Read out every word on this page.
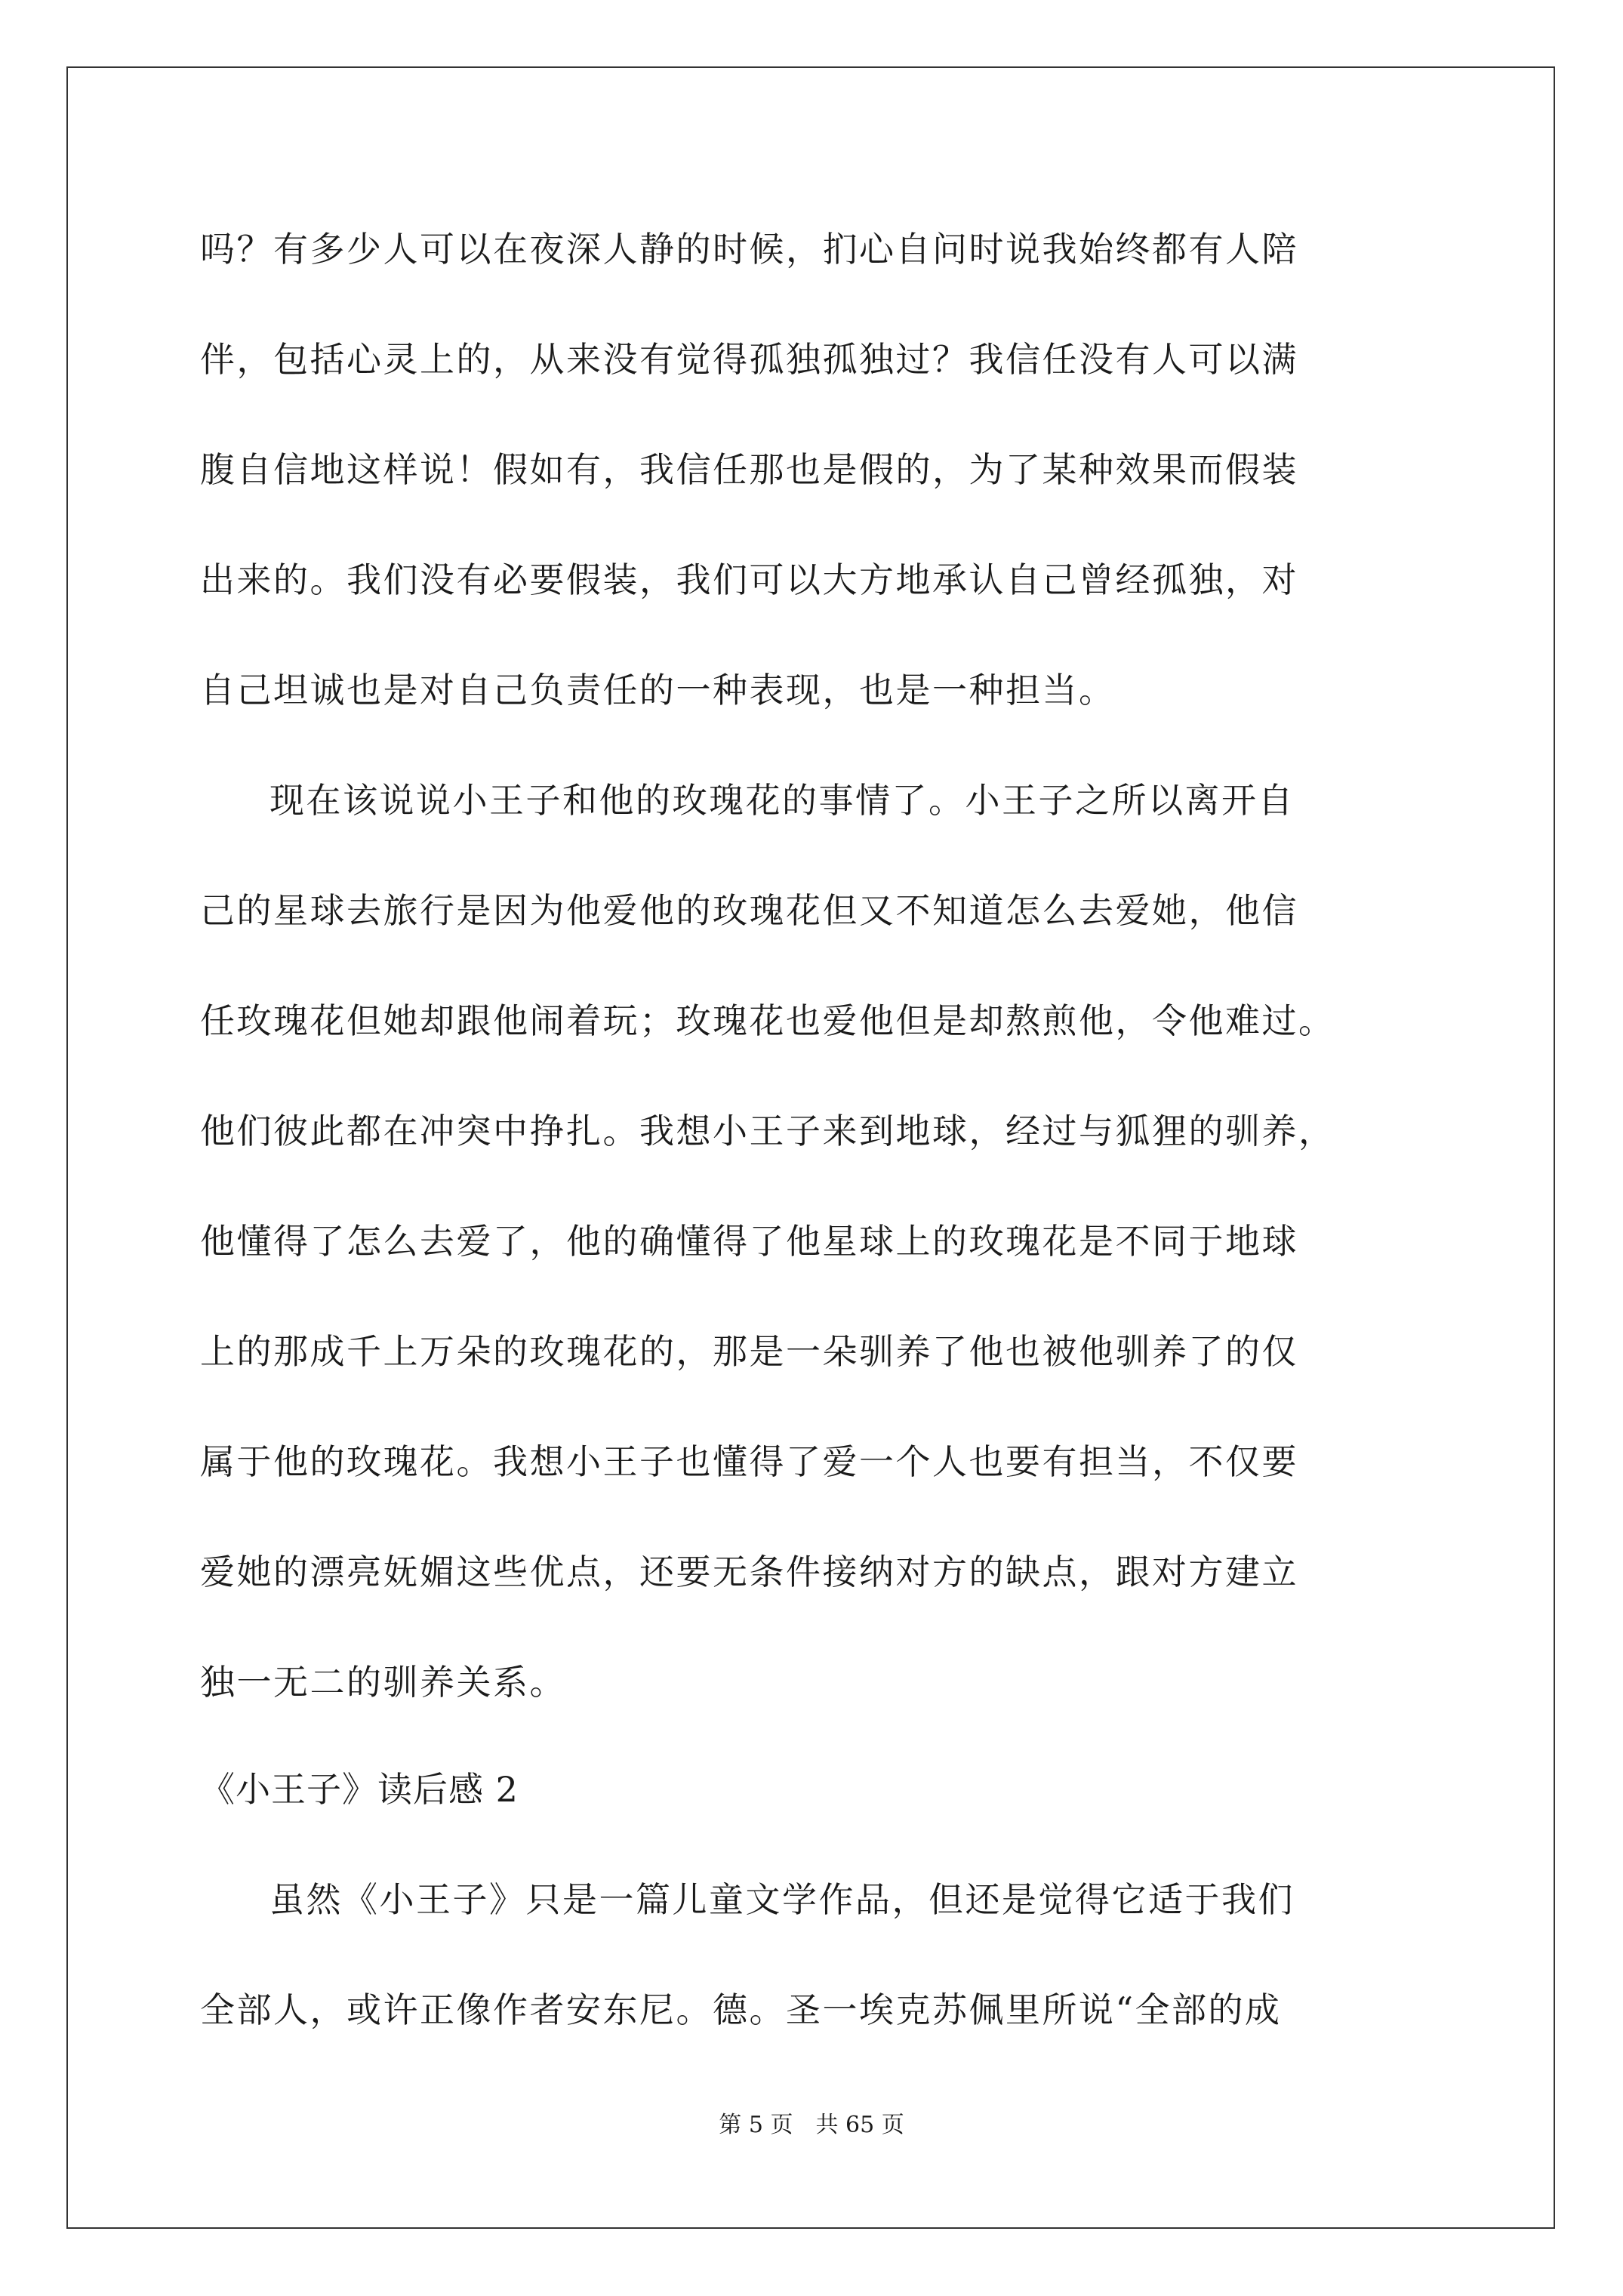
吗？有多少人可以在夜深人静的时候，扪心自问时说我始终都有人陪
伴，包括心灵上的，从来没有觉得孤独孤独过？我信任没有人可以满
腹自信地这样说！假如有，我信任那也是假的，为了某种效果而假装
出来的。我们没有必要假装，我们可以大方地承认自己曾经孤独，对
自己坦诚也是对自己负责任的一种表现，也是一种担当。
现在该说说小王子和他的玫瑰花的事情了。小王子之所以离开自
己的星球去旅行是因为他爱他的玫瑰花但又不知道怎么去爱她，他信
任玫瑰花但她却跟他闹着玩；玫瑰花也爱他但是却熬煎他，令他难过。
他们彼此都在冲突中挣扎。我想小王子来到地球，经过与狐狸的驯养，
他懂得了怎么去爱了，他的确懂得了他星球上的玫瑰花是不同于地球
上的那成千上万朵的玫瑰花的，那是一朵驯养了他也被他驯养了的仅
属于他的玫瑰花。我想小王子也懂得了爱一个人也要有担当，不仅要
爱她的漂亮妩媚这些优点，还要无条件接纳对方的缺点，跟对方建立
独一无二的驯养关系。
《小王子》读后感 2
虽然《小王子》只是一篇儿童文学作品，但还是觉得它适于我们
全部人，或许正像作者安东尼。德。圣一埃克苏佩里所说“全部的成
第 5 页　共 65 页
